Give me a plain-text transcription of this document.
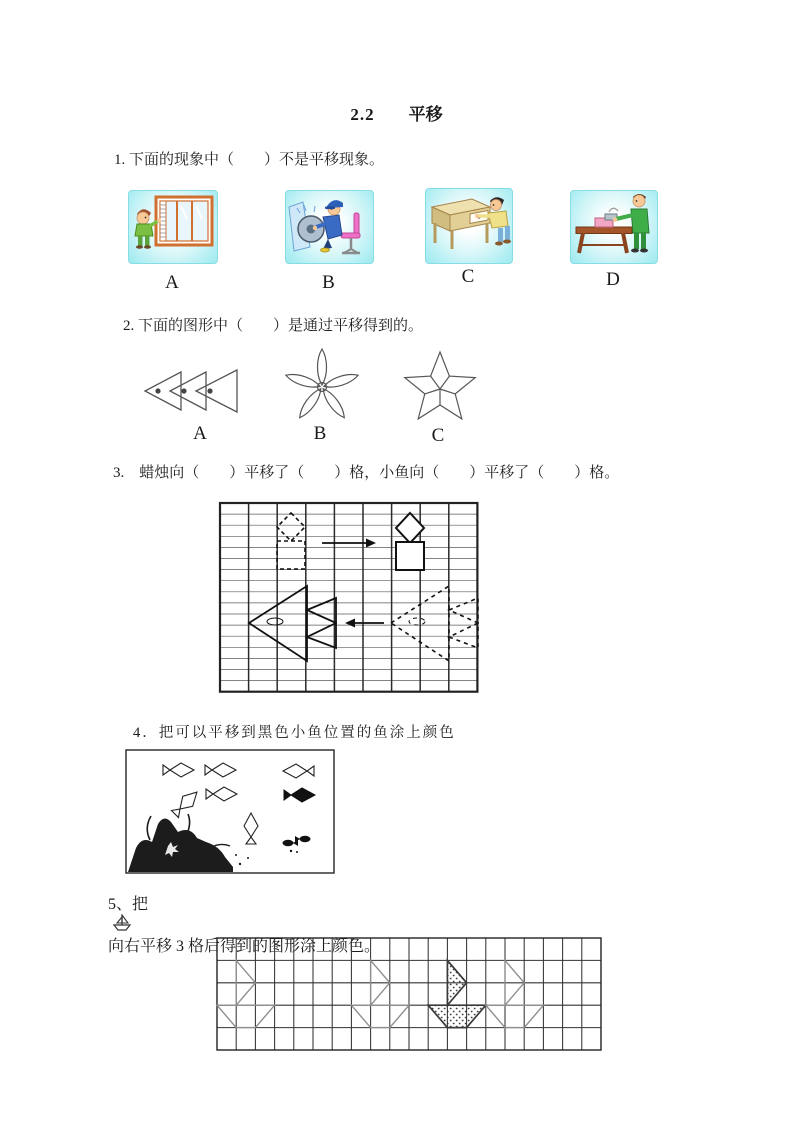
2.2 平移
1. 下面的现象中（　　）不是平移现象。
A	B	C	D
2. 下面的图形中（　　）是通过平移得到的。
A	B	C
3.　蜡烛向（　　）平移了（　　）格，小鱼向（　　）平移了（　　）格。
4．把可以平移到黑色小鱼位置的鱼涂上颜色
5、把
向右平移 3 格后得到的图形涂上颜色。
